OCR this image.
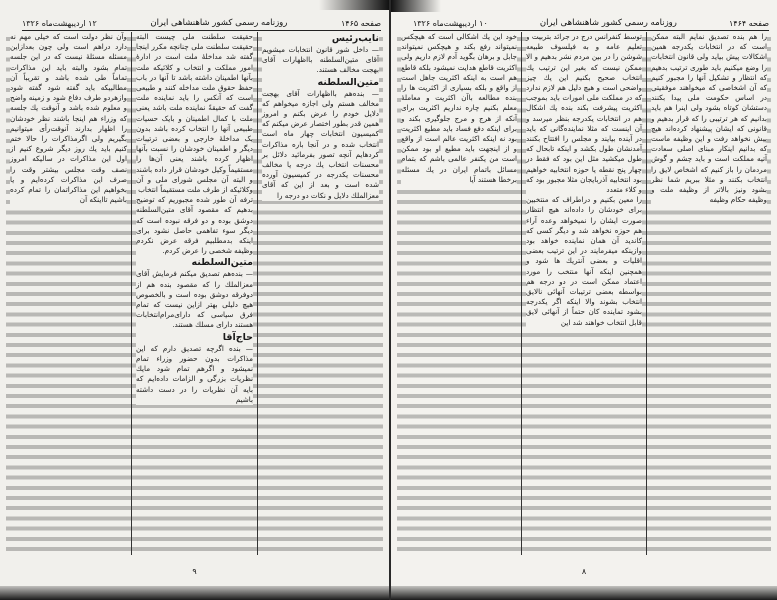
صفحه ۱۴۶۵
روزنامه رسمی کشور شاهنشاهی ایران
۱۲ اردیبهشت‌ماه ۱۳۲۶

نایب‌رئیس

— داخل شور قانون انتخابات میشویم آقای متین‌السلطنه بااظهارات آقای بهجت مخالف هستند.

متین‌السلطنه

— بنده‌هم بااظهارات آقای بهجت مخالف هستم ولی اجازه میخواهم که دلایل خودم را عرض بکنم و امروز همین قدر بطور اختصار عرض میکنم که کمیسیون انتخابات چهار ماه است انتخاب شده و در آنجا باره مذاکرات کردهایم آنچه تصور بفرمائید دلائل بر محسنات انتخاب یك درجه یا مخالف محسنات یکدرجه در کمیسیون آورده شده است و بعد از این که آقای معزالملك دلایل و نکات دو درجه را

حقیقت سلطنت ملی چیست البته حقیقت سلطنت ملی چنانچه مکرر اینجا گفته شد مداخلهٔ ملت است در ادارهٔ امور مملکت و انتخاب و کلائیکه ملت بآنها اطمینان داشته باشد تا آنها در باب حفظ حقوق ملت مداخله کنند و طبیعی است که آنکس را باید نماینده ملت گفت که حقیقةً نماینده ملت باشد یعنی ملت با کمال اطمینان و بایک حسیات طبیعی آنها را انتخاب کرده باشد بدون یک مداخلهٔ خارجی و بعضی ترتیبات دیگر و اطمینان خودشان را نسبت بآنها اظهار کرده باشند یعنی آن‌ها را مستقیماً وکیل خودشان قرار داده باشند و البته آن مجلس شورای ملی و آن وکلائیکه از طرف ملت مستقیماً انتخاب

ترفه آن طور شده مجبوریم که توضیح بدهیم که مقصود آقای متین‌السلطنه دوشق بوده و دو فرقه نبوده است که دیگر سوء تفاهمی حاصل نشود برای اینکه بدمطلبیم فرقه عرض نکردم وظیفه شخصی را عرض کردم.

متین‌السلطنه

— بنده‌هم تصدیق میکنم فرمایش آقای معزالملك را که مقصود بنده هم از دوفرقه دوشق بوده است و بالخصوص هیچ دلیلی بهتر ازاین نیست که تمام فرق سیاسی که دارای‌مرام‌انتخابات هستند دارای مسلك هستند.

حاج‌آقا

— بنده اگرچه تصدیق دارم که این مذاکرات بدون حضور وزراء تمام نمیشود و اگرهم تمام شود مایك نظریات بزرگی و الزامات داده‌ایم که بایه آن نظریات را در دست داشته باشیم

وآن نظر دولت است که خیلی مهم نه دارد دراهم است ولی چون بعدازاین مسئله مسئلهٔ نیست که در این جلسه تمام بشود والبته باید این مذاکرات تماماً طی شده باشد و تقریباً آن مطالبیکه باید گفته شود گفته شود وازهردو طرف دفاع شود و زمینه واضح و معلوم شده باشد و آنوقت یك جلسه که وزراء هم اینجا باشند نظر خودشان را اظهار بدارند آنوقت‌رأی میتوانیم بگیریم ولی اگرمذاکرات را حالا ختم کنیم باید یك روز دیگر شروع کنیم از اول این مذاکرات در سالیکه امروز نصف وقت مجلس بیشتر وقت را صرف این مذاکرات کرده‌ایم و یا بخواهیم این مذاکراتمان را تمام کرده باشیم تااینکه آن

۹
صفحه ۱۴۶۴
روزنامه رسمی کشور شاهنشاهی ایران
۱۰ اردیبهشت‌ماه ۱۳۲۶

را هم بنده تصدیق نمایم البته ممکن است که در انتخابات یکدرجه همین اشکالات پیش بیاید ولی قانون انتخابات را وضع میکنیم باید طوری ترتیب بدهیم که انتظار و تشکیل آنها را مجبور کنیم که آن اشخاصی که میخواهند موفقیتی در اساس حکومت ملی پیدا بکنند دستشان کوتاه بشود ولی اینرا هم باید بدانیم که هر ترتیبی را که قرار بدهیم و قانونی که ایشان پیشنهاد کرده‌اند هیچ پیش نخواهد رفت و این وظیفه ماست که بدانیم اینکار مبنای اصلی سعادت آتیه مملکت است و باید چشم و گوش مردمان را باز کنیم که اشخاص لایق را انتخاب بکنند و مثلا ببریم شما نظر بشود ونیز بالاتر از وظیفه ملت و وظیفه حکام وظیفه

توسط کنفرانس درج در جرائد بتربیت و تعلیم عامه و به فیلسوف طبیعه شوشن را در بین مردم نشر بدهیم و الا ممکن نیست که بغیر این ترتیب یك انتخاب صحیح بکنیم این یك چیز واضحی است و هیچ دلیل هم لازم ندارد که در مملکت ملی امورات باید بموجب اکثریت پیشرفت بکند بنده یك اشکال هم در انتخابات یکدرجه بنظر میرسد و آن اینست که مثلا نماینده‌گانی که باید در آینده بیایند و مجلس را افتتاح بکنند آمدنشان طول بکشد و اینکه تابحال که طول میکشید مثل این بود که فقط در چهار پنج نقطه یا حوزه انتخابیه خواهیم بود انتخابیه آذربایجان مثلا مجبور بود که و کلاء متعدد

را معین بکنیم و دراطراف که منتخبین برای خودشان را داده‌اند هیچ انتظار صورت ایشان را نمیخواهد وعده آراء هم حوزه نخواهد شد و دیگر کسی که کاندید آن همان نماینده خواهد بود وازینکه میفرمایند در این ترتیب بعضی اقلیات و بعضی آنتریك ها شود و همچنین اینکه آنها منتخب را مورد اعتماد ممکن است در دو درجه هم بواسطه بعضی ترتیبات آنهائی نالایق انتخاب بشوند والا اینکه اگر یکدرجه بشود تماینده کان حتماً از آنهائی لایق قابل انتخاب خواهند شد این

خود این یك اشکالی است که هیچکس نمیتواند رفع بکند و هیچکس نمیتواند جابل و برهان بگوید آدم لازم داریم ولی اکثریت قاطع هدایت نمیشود بلکه قاطع هم است به اینکه اکثریت جاهل است از واقع و بلکه بسیاری از اکثریت ها را بنده مطالعه باآن اکثریت و معاملهٔ معلم بکنیم چاره نداریم اکثریت برای آنکه از هرج و مرج جلوگیری بکند و برای اینکه دفع فساد باید مطیع اکثریت بود نه اینکه اکثریت عالم است از واقع و از اینجهت باید مطیع او بود ممکن است من یکنفر عالمی باشم که بتمام مسائل باتمام ایران در یك مسئله برخطا هستند آیا

۸
